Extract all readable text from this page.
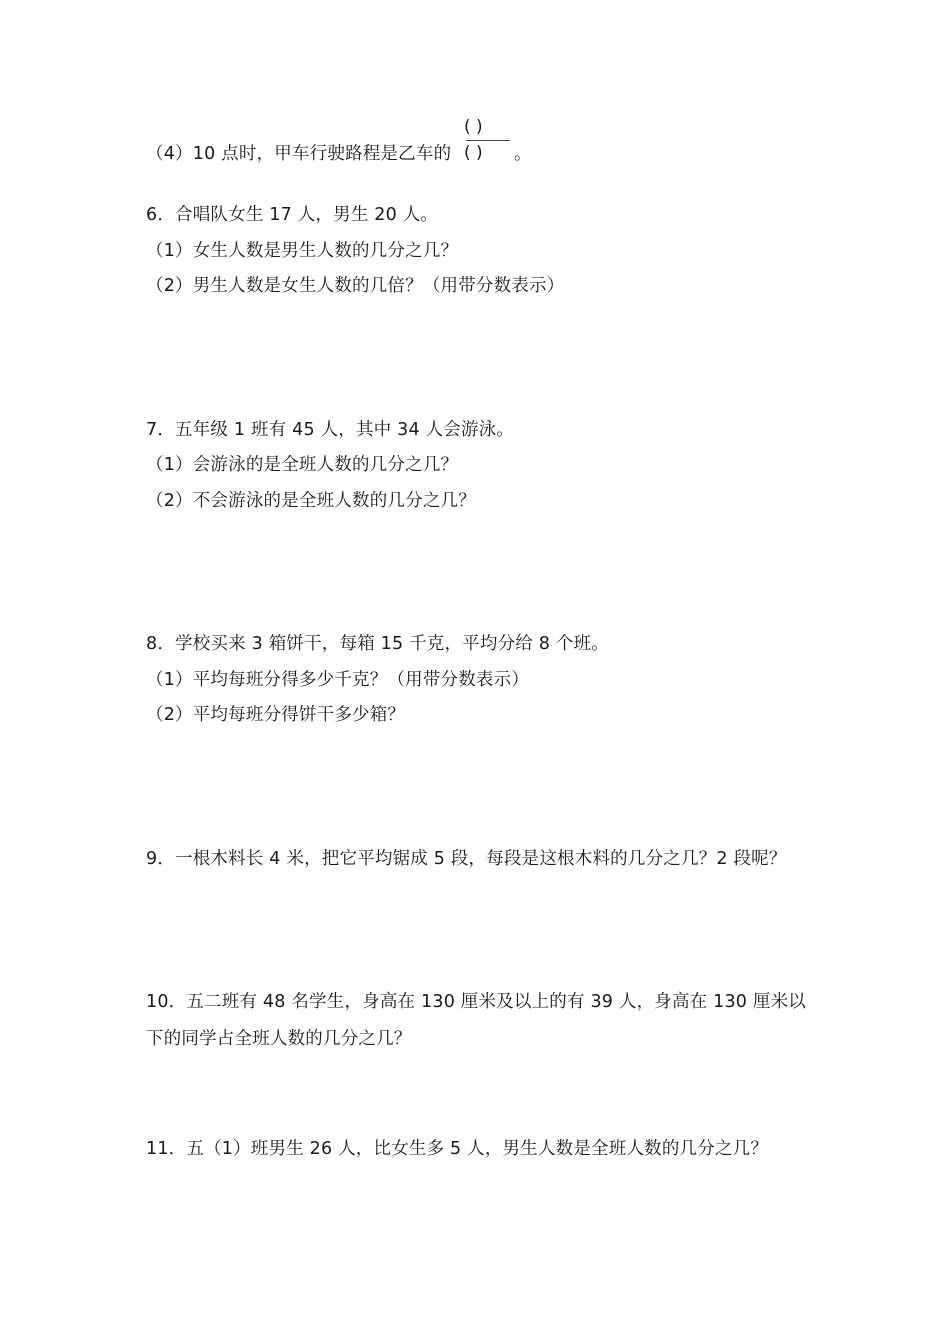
（4）10 点时，甲车行驶路程是乙车的
( )
( )	。
6．合唱队女生 17 人，男生 20 人。
（1）女生人数是男生人数的几分之几？
（2）男生人数是女生人数的几倍？（用带分数表示）
7．五年级 1 班有 45 人，其中 34 人会游泳。
（1）会游泳的是全班人数的几分之几？
（2）不会游泳的是全班人数的几分之几？
8．学校买来 3 箱饼干，每箱 15 千克，平均分给 8 个班。
（1）平均每班分得多少千克？（用带分数表示）
（2）平均每班分得饼干多少箱？
9．一根木料长 4 米，把它平均锯成 5 段，每段是这根木料的几分之几？2 段呢？
10．五二班有 48 名学生，身高在 130 厘米及以上的有 39 人，身高在 130 厘米以
下的同学占全班人数的几分之几？
11．五（1）班男生 26 人，比女生多 5 人，男生人数是全班人数的几分之几？
